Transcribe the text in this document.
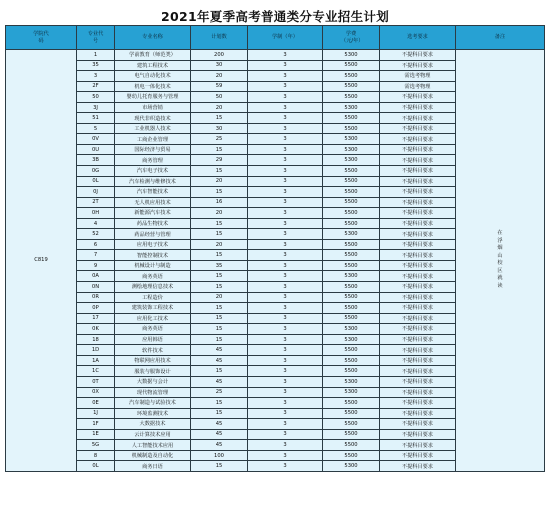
2021年夏季高考普通类分专业招生计划
学院代码	专业代号	专业名称	计划数	学制（年）	学费（元/年）	选考要求	备注
C819	1	学前教育（师范类）	200	3	5300	不提科目要求	在浮烟山校区就读
	35	建筑工程技术	30	3	5500	不提科目要求	
	3	电气自动化技术	20	3	5500	需选考物理	
	2F	机电一体化技术	59	3	5500	需选考物理	
	50	婴幼儿托育服务与管理	50	3	5500	不提科目要求	
	3J	市场营销	20	3	5300	不提科目要求	
	51	现代非织造技术	15	3	5500	不提科目要求	
	5	工业机器人技术	30	3	5500	不提科目要求	
	0V	工商企业管理	25	3	5300	不提科目要求	
	0U	国际经济与贸易	15	3	5300	不提科目要求	
	3B	商务管理	29	3	5300	不提科目要求	
	0G	汽车电子技术	15	3	5500	不提科目要求	
	0L	汽车检测与维修技术	20	3	5500	不提科目要求	
	0J	汽车智能技术	15	3	5500	不提科目要求	
	2T	无人机应用技术	16	3	5500	不提科目要求	
	0H	新能源汽车技术	20	3	5500	不提科目要求	
	4	药品生物技术	15	3	5500	不提科目要求	
	52	药品经营与管理	15	3	5300	不提科目要求	
	6	应用电子技术	20	3	5500	不提科目要求	
	7	智能控制技术	15	3	5500	不提科目要求	
	9	机械设计与制造	35	3	5500	不提科目要求	
	0A	商务英语	15	3	5300	不提科目要求	
	0N	测绘地理信息技术	15	3	5500	不提科目要求	
	0R	工程造价	20	3	5500	不提科目要求	
	0P	建筑装饰工程技术	15	3	5500	不提科目要求	
	17	应用化工技术	15	3	5500	不提科目要求	
	0K	商务英语	15	3	5300	不提科目要求	
	18	应用韩语	15	3	5300	不提科目要求	
	1D	软件技术	45	3	5500	不提科目要求	
	1A	物联网应用技术	45	3	5500	不提科目要求	
	1C	服装与服饰设计	15	3	5500	不提科目要求	
	0T	大数据与会计	45	3	5300	不提科目要求	
	0X	现代物流管理	25	3	5300	不提科目要求	
	0E	汽车制造与试验技术	15	3	5500	不提科目要求	
	1J	环境监测技术	15	3	5500	不提科目要求	
	1F	大数据技术	45	3	5500	不提科目要求	
	1E	云计算技术应用	45	3	5500	不提科目要求	
	5G	人工智能技术应用	45	3	5500	不提科目要求	
	8	机械制造及自动化	100	3	5500	不提科目要求	
	0L	商务日语	15	3	5300	不提科目要求	
